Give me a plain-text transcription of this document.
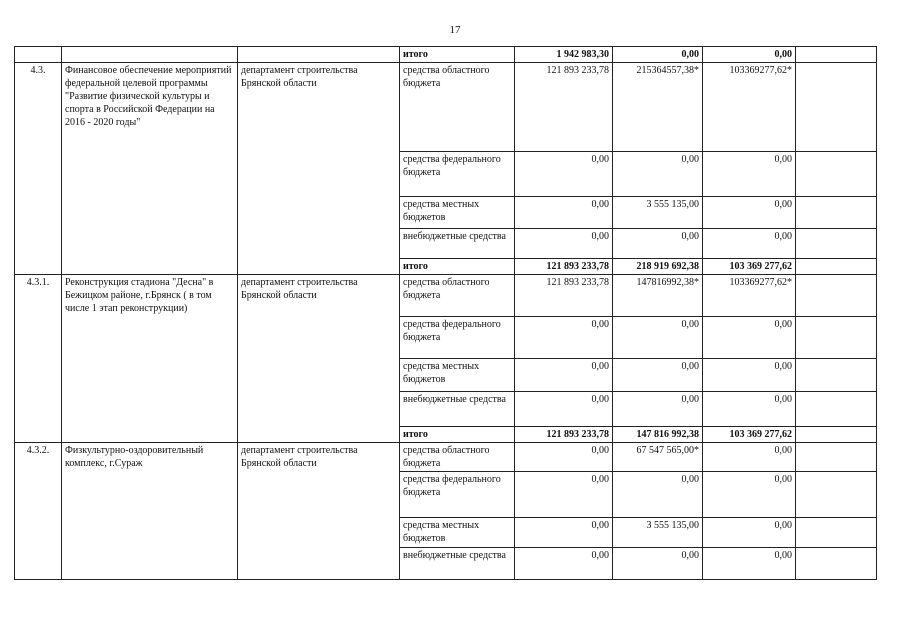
17
			итого	1 942 983,30	0,00	0,00	
4.3.	Финансовое обеспечение мероприятий федеральной целевой программы "Развитие физической культуры и спорта в Российской Федерации на 2016 - 2020 годы"	департамент строительства Брянской области	средства областного бюджета	121 893 233,78	215364557,38*	103369277,62*	
			средства федерального бюджета	0,00	0,00	0,00	
			средства местных бюджетов	0,00	3 555 135,00	0,00	
			внебюджетные средства	0,00	0,00	0,00	
			итого	121 893 233,78	218 919 692,38	103 369 277,62	
4.3.1.	Реконструкция стадиона "Десна" в Бежицком районе, г.Брянск ( в том числе 1 этап реконструкции)	департамент строительства Брянской области	средства областного бюджета	121 893 233,78	147816992,38*	103369277,62*	
			средства федерального бюджета	0,00	0,00	0,00	
			средства местных бюджетов	0,00	0,00	0,00	
			внебюджетные средства	0,00	0,00	0,00	
			итого	121 893 233,78	147 816 992,38	103 369 277,62	
4.3.2.	Физкультурно-оздоровительный комплекс, г.Сураж	департамент строительства Брянской области	средства областного бюджета	0,00	67 547 565,00*	0,00	
			средства федерального бюджета	0,00	0,00	0,00	
			средства местных бюджетов	0,00	3 555 135,00	0,00	
			внебюджетные средства	0,00	0,00	0,00	
